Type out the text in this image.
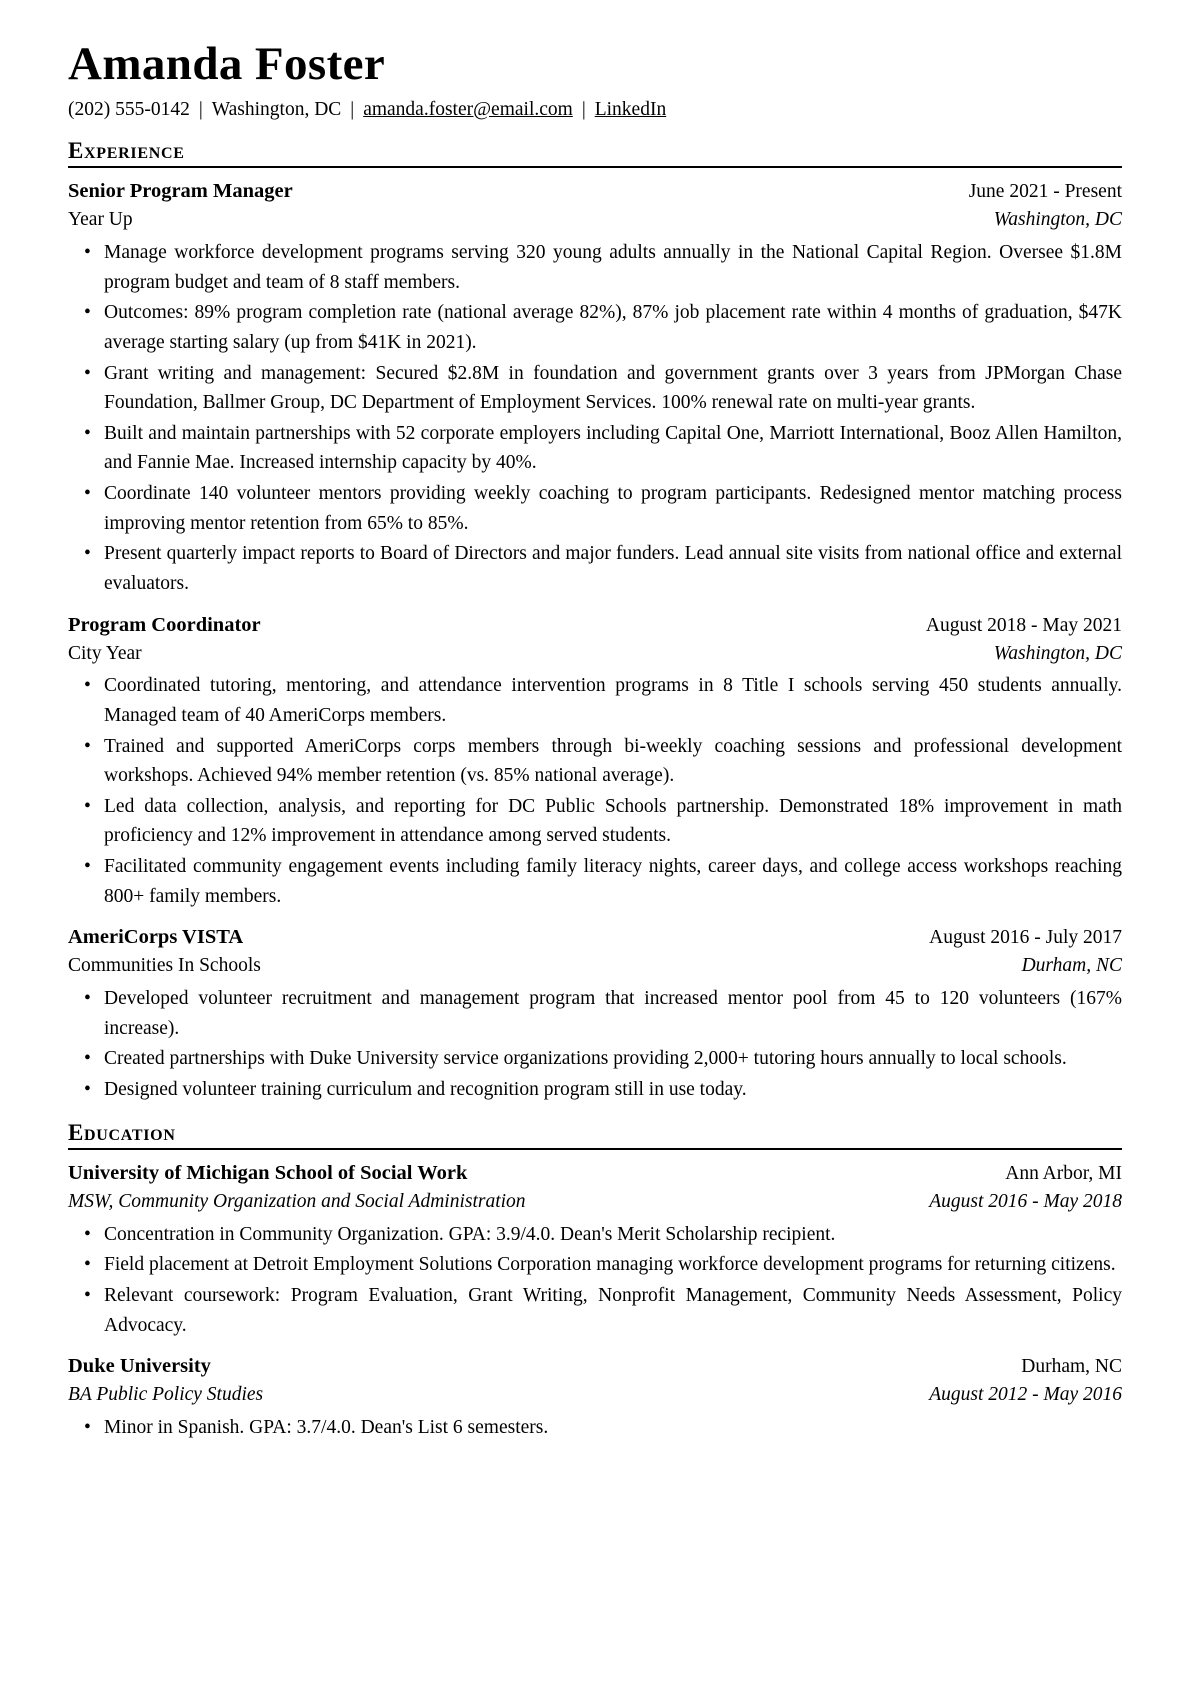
Amanda Foster
(202) 555-0142 | Washington, DC | amanda.foster@email.com | LinkedIn
Experience
Senior Program Manager	June 2021 - Present
Year Up	Washington, DC
• Manage workforce development programs serving 320 young adults annually in the National Capital Region. Oversee $1.8M program budget and team of 8 staff members.
• Outcomes: 89% program completion rate (national average 82%), 87% job placement rate within 4 months of graduation, $47K average starting salary (up from $41K in 2021).
• Grant writing and management: Secured $2.8M in foundation and government grants over 3 years from JPMorgan Chase Foundation, Ballmer Group, DC Department of Employment Services. 100% renewal rate on multi-year grants.
• Built and maintain partnerships with 52 corporate employers including Capital One, Marriott International, Booz Allen Hamilton, and Fannie Mae. Increased internship capacity by 40%.
• Coordinate 140 volunteer mentors providing weekly coaching to program participants. Redesigned mentor matching process improving mentor retention from 65% to 85%.
• Present quarterly impact reports to Board of Directors and major funders. Lead annual site visits from national office and external evaluators.
Program Coordinator	August 2018 - May 2021
City Year	Washington, DC
• Coordinated tutoring, mentoring, and attendance intervention programs in 8 Title I schools serving 450 students annually. Managed team of 40 AmeriCorps members.
• Trained and supported AmeriCorps corps members through bi-weekly coaching sessions and professional development workshops. Achieved 94% member retention (vs. 85% national average).
• Led data collection, analysis, and reporting for DC Public Schools partnership. Demonstrated 18% improvement in math proficiency and 12% improvement in attendance among served students.
• Facilitated community engagement events including family literacy nights, career days, and college access workshops reaching 800+ family members.
AmeriCorps VISTA	August 2016 - July 2017
Communities In Schools	Durham, NC
• Developed volunteer recruitment and management program that increased mentor pool from 45 to 120 volunteers (167% increase).
• Created partnerships with Duke University service organizations providing 2,000+ tutoring hours annually to local schools.
• Designed volunteer training curriculum and recognition program still in use today.
Education
University of Michigan School of Social Work	Ann Arbor, MI
MSW, Community Organization and Social Administration	August 2016 - May 2018
• Concentration in Community Organization. GPA: 3.9/4.0. Dean's Merit Scholarship recipient.
• Field placement at Detroit Employment Solutions Corporation managing workforce development programs for returning citizens.
• Relevant coursework: Program Evaluation, Grant Writing, Nonprofit Management, Community Needs Assessment, Policy Advocacy.
Duke University	Durham, NC
BA Public Policy Studies	August 2012 - May 2016
• Minor in Spanish. GPA: 3.7/4.0. Dean's List 6 semesters.
